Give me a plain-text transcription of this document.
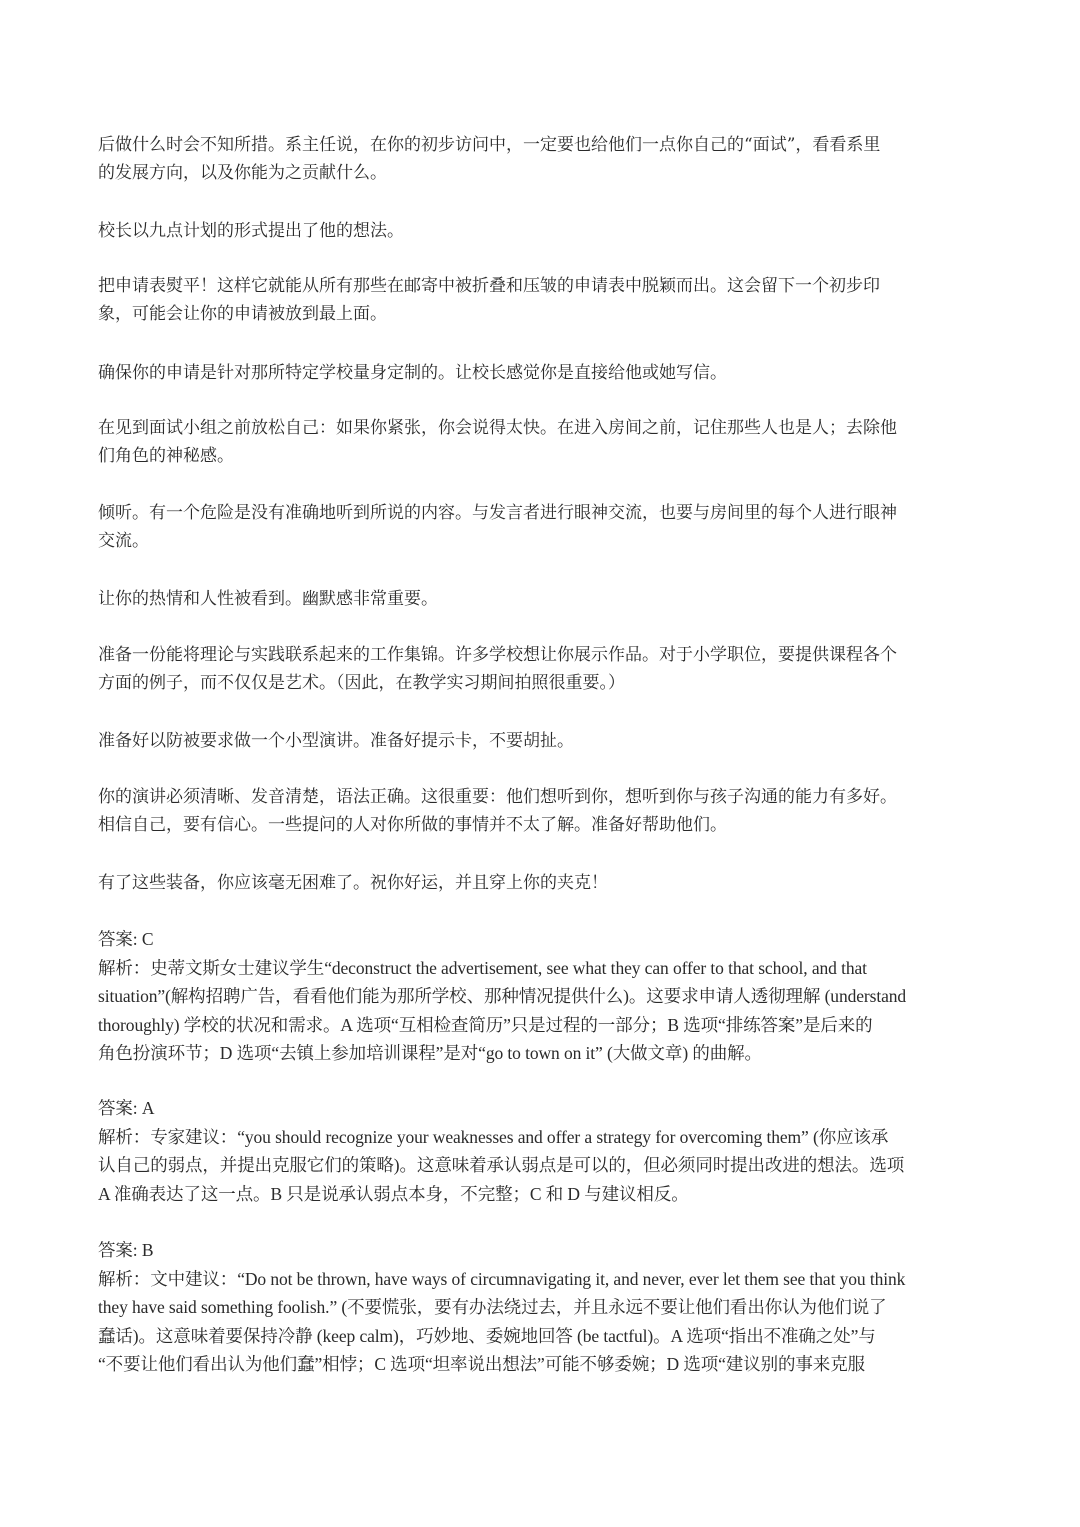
后做什么时会不知所措。系主任说，在你的初步访问中，一定要也给他们一点你自己的“面试”，看看系里
的发展方向，以及你能为之贡献什么。
校长以九点计划的形式提出了他的想法。
把申请表熨平！这样它就能从所有那些在邮寄中被折叠和压皱的申请表中脱颖而出。这会留下一个初步印
象，可能会让你的申请被放到最上面。
确保你的申请是针对那所特定学校量身定制的。让校长感觉你是直接给他或她写信。
在见到面试小组之前放松自己：如果你紧张，你会说得太快。在进入房间之前，记住那些人也是人；去除他
们角色的神秘感。
倾听。有一个危险是没有准确地听到所说的内容。与发言者进行眼神交流，也要与房间里的每个人进行眼神
交流。
让你的热情和人性被看到。幽默感非常重要。
准备一份能将理论与实践联系起来的工作集锦。许多学校想让你展示作品。对于小学职位，要提供课程各个
方面的例子，而不仅仅是艺术。（因此，在教学实习期间拍照很重要。）
准备好以防被要求做一个小型演讲。准备好提示卡，不要胡扯。
你的演讲必须清晰、发音清楚，语法正确。这很重要：他们想听到你，想听到你与孩子沟通的能力有多好。
相信自己，要有信心。一些提问的人对你所做的事情并不太了解。准备好帮助他们。
有了这些装备，你应该毫无困难了。祝你好运，并且穿上你的夹克！
答案: C
解析：史蒂文斯女士建议学生“deconstruct the advertisement, see what they can offer to that school, and that
situation”(解构招聘广告，看看他们能为那所学校、那种情况提供什么)。这要求申请人透彻理解 (understand
thoroughly) 学校的状况和需求。A 选项“互相检查简历”只是过程的一部分；B 选项“排练答案”是后来的
角色扮演环节；D 选项“去镇上参加培训课程”是对“go to town on it” (大做文章) 的曲解。
答案: A
解析：专家建议：“you should recognize your weaknesses and offer a strategy for overcoming them” (你应该承
认自己的弱点，并提出克服它们的策略)。这意味着承认弱点是可以的，但必须同时提出改进的想法。选项
A 准确表达了这一点。B 只是说承认弱点本身，不完整；C 和 D 与建议相反。
答案: B
解析：文中建议：“Do not be thrown, have ways of circumnavigating it, and never, ever let them see that you think
they have said something foolish.” (不要慌张，要有办法绕过去，并且永远不要让他们看出你认为他们说了
蠢话)。这意味着要保持冷静 (keep calm)，巧妙地、委婉地回答 (be tactful)。A 选项“指出不准确之处”与
“不要让他们看出认为他们蠢”相悖；C 选项“坦率说出想法”可能不够委婉；D 选项“建议别的事来克服
